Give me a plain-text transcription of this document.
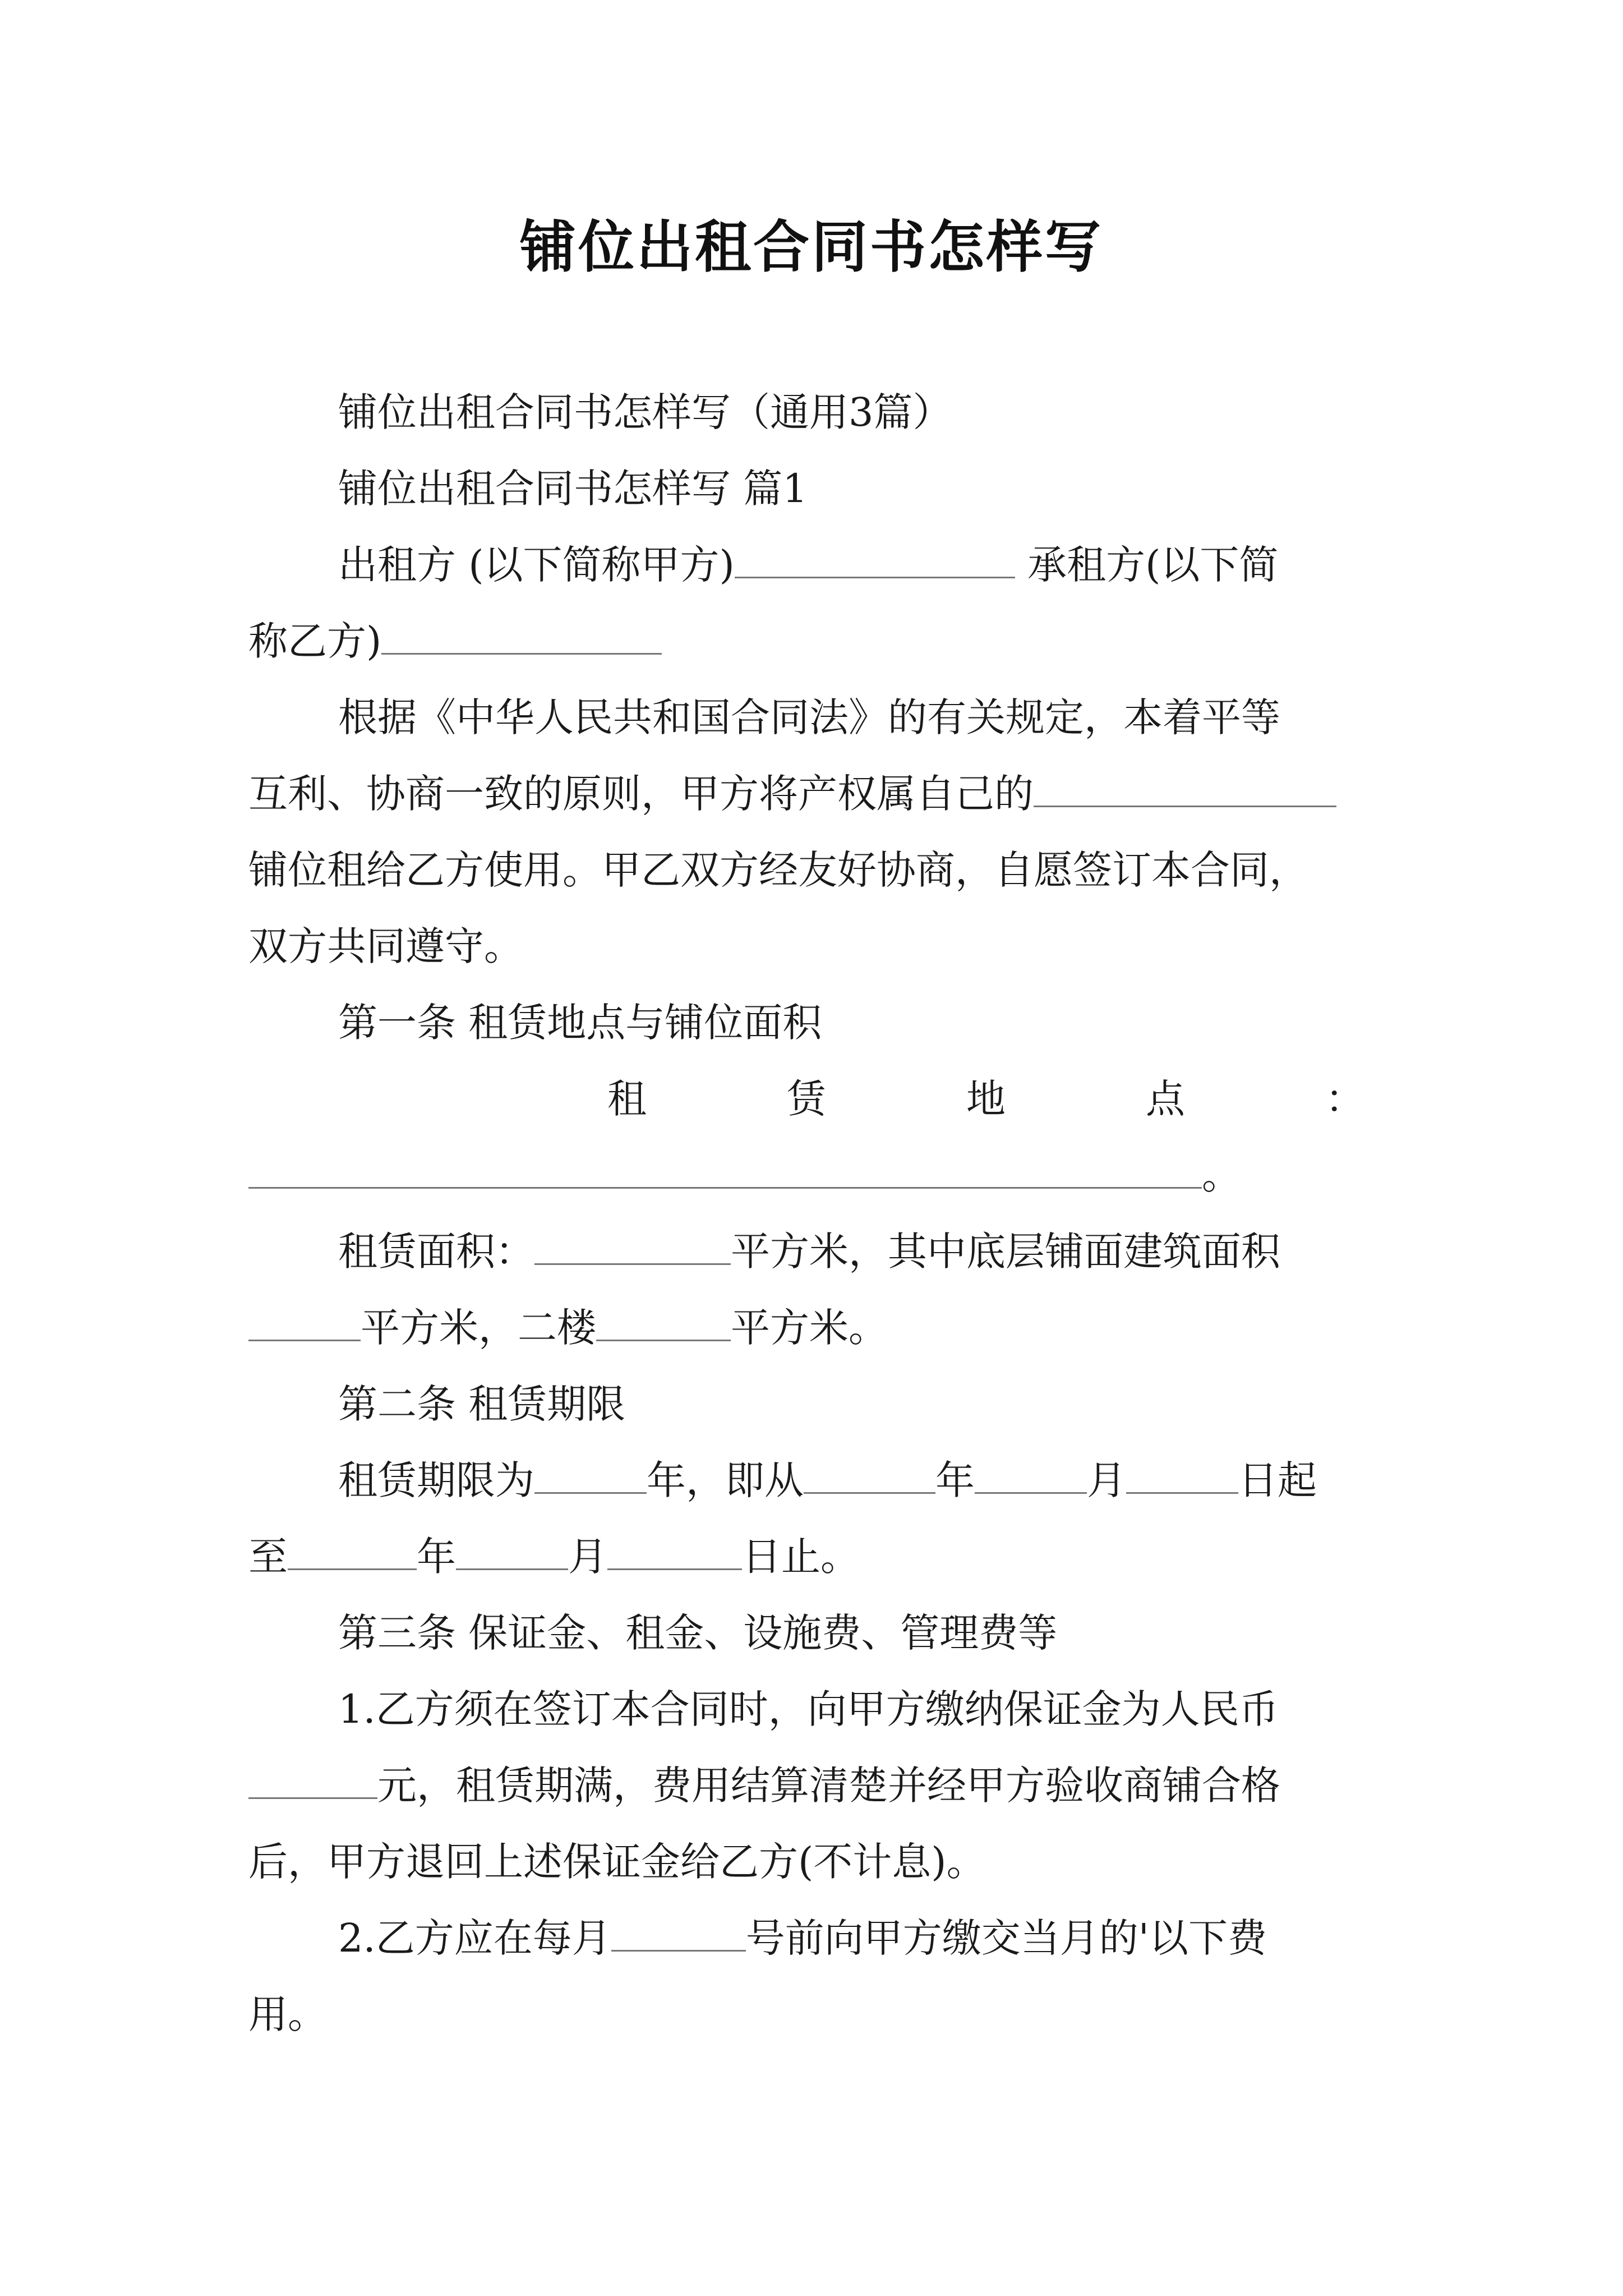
铺位出租合同书怎样写
铺位出租合同书怎样写（通用3篇）
铺位出租合同书怎样写 篇1
出租方 (以下简称甲方)	承租方(以下简
称乙方)
根据《中华人民共和国合同法》的有关规定，本着平等
互利、协商一致的原则，甲方将产权属自己的
铺位租给乙方使用。甲乙双方经友好协商，自愿签订本合同，
双方共同遵守。
第一条 租赁地点与铺位面积
租	赁	地	点	：
。
租赁面积：	平方米，其中底层铺面建筑面积
平方米，二楼	平方米。
第二条 租赁期限
租赁期限为	年，即从	年	月	日起
至	年	月	日止。
第三条 保证金、租金、设施费、管理费等
1.乙方须在签订本合同时，向甲方缴纳保证金为人民币
元，租赁期满，费用结算清楚并经甲方验收商铺合格
后，甲方退回上述保证金给乙方(不计息)。
2.乙方应在每月	号前向甲方缴交当月的'以下费
用。
